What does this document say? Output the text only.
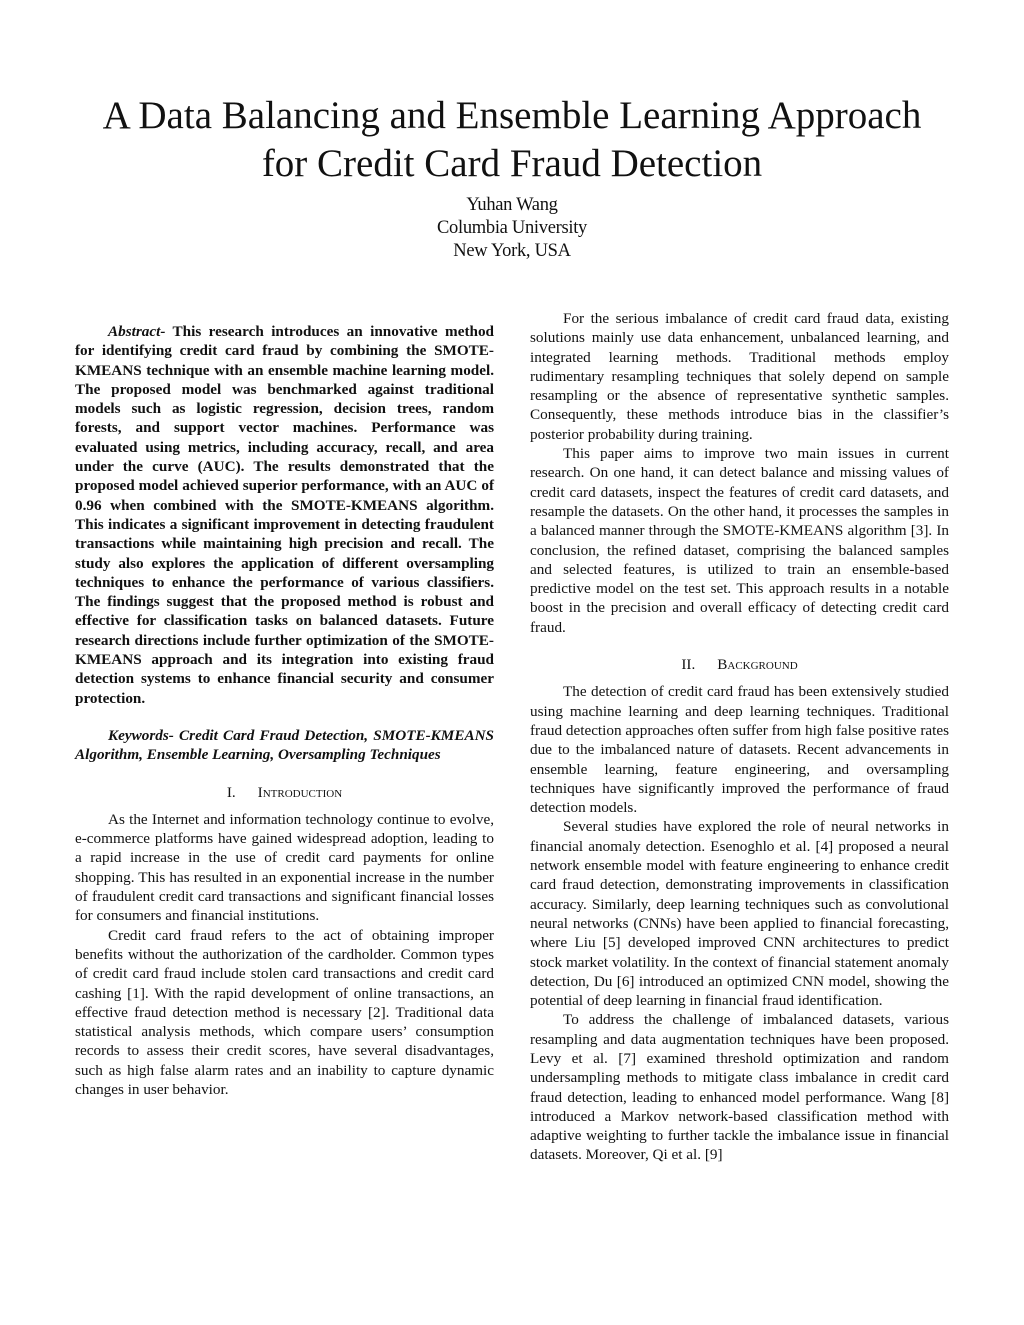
A Data Balancing and Ensemble Learning Approach
for Credit Card Fraud Detection
Yuhan Wang
Columbia University
New York, USA

Abstract- This research introduces an innovative method for identifying credit card fraud by combining the SMOTE-KMEANS technique with an ensemble machine learning model. The proposed model was benchmarked against traditional models such as logistic regression, decision trees, random forests, and support vector machines. Performance was evaluated using metrics, including accuracy, recall, and area under the curve (AUC). The results demonstrated that the proposed model achieved superior performance, with an AUC of 0.96 when combined with the SMOTE-KMEANS algorithm. This indicates a significant improvement in detecting fraudulent transactions while maintaining high precision and recall. The study also explores the application of different oversampling techniques to enhance the performance of various classifiers. The findings suggest that the proposed method is robust and effective for classification tasks on balanced datasets. Future research directions include further optimization of the SMOTE-KMEANS approach and its integration into existing fraud detection systems to enhance financial security and consumer protection.

Keywords- Credit Card Fraud Detection, SMOTE-KMEANS Algorithm, Ensemble Learning, Oversampling Techniques

I. Introduction

As the Internet and information technology continue to evolve, e-commerce platforms have gained widespread adoption, leading to a rapid increase in the use of credit card payments for online shopping. This has resulted in an exponential increase in the number of fraudulent credit card transactions and significant financial losses for consumers and financial institutions.

Credit card fraud refers to the act of obtaining improper benefits without the authorization of the cardholder. Common types of credit card fraud include stolen card transactions and credit card cashing [1]. With the rapid development of online transactions, an effective fraud detection method is necessary [2]. Traditional data statistical analysis methods, which compare users’ consumption records to assess their credit scores, have several disadvantages, such as high false alarm rates and an inability to capture dynamic changes in user behavior.

For the serious imbalance of credit card fraud data, existing solutions mainly use data enhancement, unbalanced learning, and integrated learning methods. Traditional methods employ rudimentary resampling techniques that solely depend on sample resampling or the absence of representative synthetic samples. Consequently, these methods introduce bias in the classifier’s posterior probability during training.

This paper aims to improve two main issues in current research. On one hand, it can detect balance and missing values of credit card datasets, inspect the features of credit card datasets, and resample the datasets. On the other hand, it processes the samples in a balanced manner through the SMOTE-KMEANS algorithm [3]. In conclusion, the refined dataset, comprising the balanced samples and selected features, is utilized to train an ensemble-based predictive model on the test set. This approach results in a notable boost in the precision and overall efficacy of detecting credit card fraud.

II. Background

The detection of credit card fraud has been extensively studied using machine learning and deep learning techniques. Traditional fraud detection approaches often suffer from high false positive rates due to the imbalanced nature of datasets. Recent advancements in ensemble learning, feature engineering, and oversampling techniques have significantly improved the performance of fraud detection models.

Several studies have explored the role of neural networks in financial anomaly detection. Esenoghlo et al. [4] proposed a neural network ensemble model with feature engineering to enhance credit card fraud detection, demonstrating improvements in classification accuracy. Similarly, deep learning techniques such as convolutional neural networks (CNNs) have been applied to financial forecasting, where Liu [5] developed improved CNN architectures to predict stock market volatility. In the context of financial statement anomaly detection, Du [6] introduced an optimized CNN model, showing the potential of deep learning in financial fraud identification.

To address the challenge of imbalanced datasets, various resampling and data augmentation techniques have been proposed. Levy et al. [7] examined threshold optimization and random undersampling methods to mitigate class imbalance in credit card fraud detection, leading to enhanced model performance. Wang [8] introduced a Markov network-based classification method with adaptive weighting to further tackle the imbalance issue in financial datasets. Moreover, Qi et al. [9]
